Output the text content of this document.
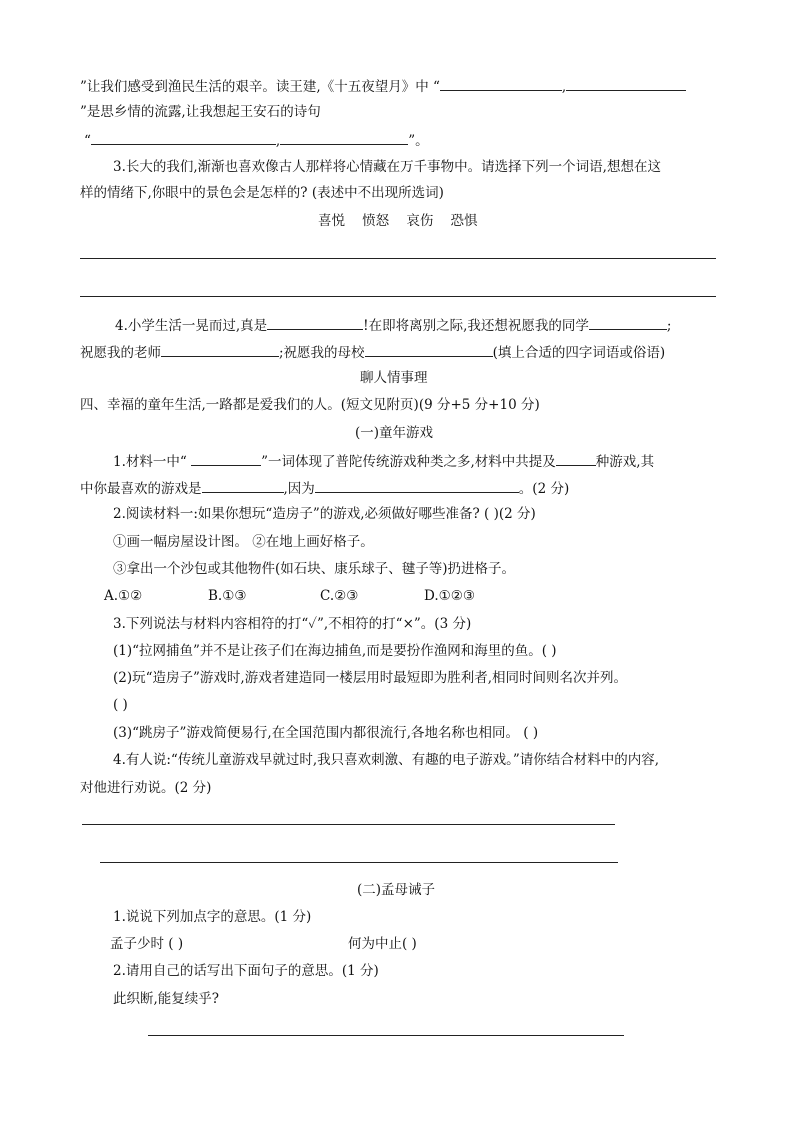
”让我们感受到渔民生活的艰辛。读王建,《十五夜望月》中 “	,
”是思乡情的流露,让我想起王安石的诗句
“	,	”。
3.长大的我们,渐渐也喜欢像古人那样将心情藏在万千事物中。请选择下列一个词语,想想在这
样的情绪下,你眼中的景色会是怎样的? (表述中不出现所选词)
喜悦 愤怒 哀伤 恐惧
4.小学生活一晃而过,真是	!在即将离别之际,我还想祝愿我的同学	;
祝愿我的老师	;祝愿我的母校	(填上合适的四字词语或俗语)
聊人情事理
四、幸福的童年生活,一路都是爱我们的人。(短文见附页)(9 分+5 分+10 分)
(一)童年游戏
1.材料一中“	”一词体现了普陀传统游戏种类之多,材料中共提及	种游戏,其
中你最喜欢的游戏是	,因为	。(2 分)
2.阅读材料一:如果你想玩“造房子”的游戏,必须做好哪些准备? ( )(2 分)
①画一幅房屋设计图。 ②在地上画好格子。
③拿出一个沙包或其他物件(如石块、康乐球子、毽子等)扔进格子。
A.①②	B.①③	C.②③	D.①②③
3.下列说法与材料内容相符的打“✓”,不相符的打“×”。(3 分)
(1)“拉网捕鱼”并不是让孩子们在海边捕鱼,而是要扮作渔网和海里的鱼。( )
(2)玩“造房子”游戏时,游戏者建造同一楼层用时最短即为胜利者,相同时间则名次并列。
( )
(3)“跳房子”游戏简便易行,在全国范围内都很流行,各地名称也相同。 ( )
4.有人说:“传统儿童游戏早就过时,我只喜欢刺激、有趣的电子游戏。”请你结合材料中的内容,
对他进行劝说。(2 分)
(二)孟母诫子
1.说说下列加点字的意思。(1 分)
孟子少时 ( )	何为中止( )
2.请用自己的话写出下面句子的意思。(1 分)
此织断,能复续乎?
